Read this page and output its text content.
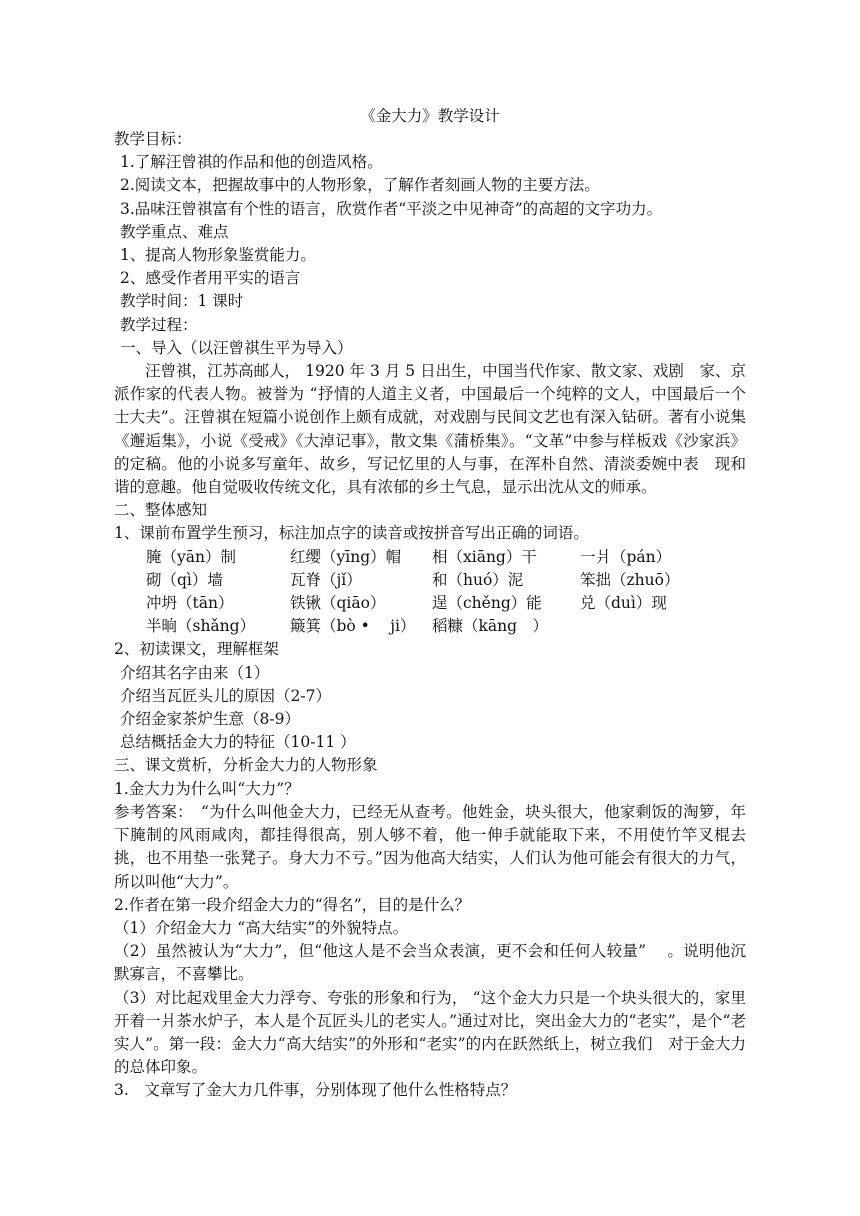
《金大力》教学设计
教学目标：
1.了解汪曾祺的作品和他的创造风格。
2.阅读文本，把握故事中的人物形象，了解作者刻画人物的主要方法。
3.品味汪曾祺富有个性的语言，欣赏作者“平淡之中见神奇”的高超的文字功力。
教学重点、难点
1、提高人物形象鉴赏能力。
2、感受作者用平实的语言
教学时间：1 课时
教学过程：
一、导入（以汪曾祺生平为导入）
汪曾祺，江苏高邮人， 1920 年 3 月 5 日出生，中国当代作家、散文家、戏剧　家、京派作家的代表人物。被誉为 “抒情的人道主义者，中国最后一个纯粹的文人，中国最后一个士大夫”。汪曾祺在短篇小说创作上颇有成就，对戏剧与民间文艺也有深入钻研。著有小说集《邂逅集》，小说《受戒》《大淖记事》，散文集《蒲桥集》。“文革”中参与样板戏《沙家浜》的定稿。他的小说多写童年、故乡，写记忆里的人与事，在浑朴自然、清淡委婉中表　现和谐的意趣。他自觉吸收传统文化，具有浓郁的乡土气息，显示出沈从文的师承。
二、整体感知
1、课前布置学生预习，标注加点字的读音或按拼音写出正确的词语。
腌（yān）制	红缨（yīng）帽	相（xiāng）干	一爿（pán）
砌（qì）墙	瓦脊（jǐ）	和（huó）泥	笨拙（zhuō）
冲坍（tān）	铁锹（qiāo）	逞（chěng）能	兑（duì）现
半晌（shǎng）	簸箕（bò •　 ji）	稻糠（kāng　）
2、初读课文，理解框架
介绍其名字由来（1）
介绍当瓦匠头儿的原因（2-7）
介绍金家茶炉生意（8-9）
总结概括金大力的特征（10-11 ）
三、课文赏析，分析金大力的人物形象
1.金大力为什么叫“大力”？
参考答案：　“为什么叫他金大力，已经无从查考。他姓金，块头很大，他家剩饭的淘箩，年下腌制的风雨咸肉，都挂得很高，别人够不着，他一伸手就能取下来，不用使竹竿叉棍去挑，也不用垫一张凳子。身大力不亏。”因为他高大结实，人们认为他可能会有很大的力气，所以叫他“大力”。
2.作者在第一段介绍金大力的“得名”，目的是什么？
（1）介绍金大力 “高大结实”的外貌特点。
（2）虽然被认为“大力”，但“他这人是不会当众表演，更不会和任何人较量”　 。说明他沉默寡言，不喜攀比。
（3）对比起戏里金大力浮夸、夸张的形象和行为， “这个金大力只是一个块头很大的，家里开着一爿茶水炉子，本人是个瓦匠头儿的老实人。”通过对比，突出金大力的“老实”，是个“老实人”。第一段：金大力“高大结实”的外形和“老实”的内在跃然纸上，树立我们　对于金大力的总体印象。
3.　文章写了金大力几件事，分别体现了他什么性格特点？
